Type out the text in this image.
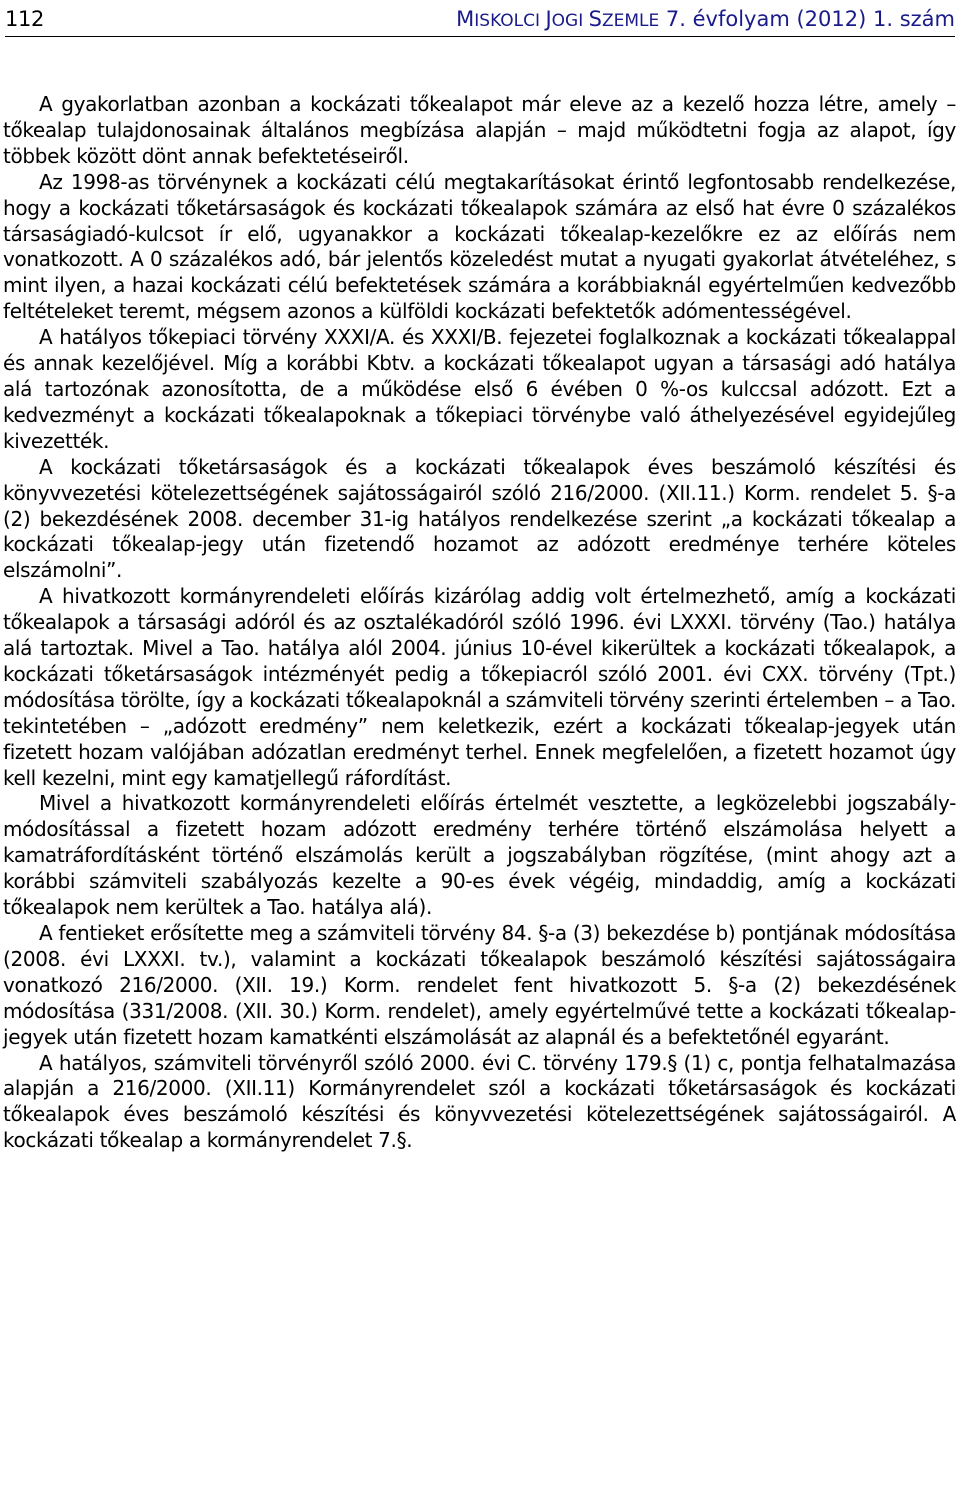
112	MISKOLCI JOGI SZEMLE 7. évfolyam (2012) 1. szám

A gyakorlatban azonban a kockázati tőkealapot már eleve az a kezelő hozza létre, amely – tőkealap tulajdonosainak általános megbízása alapján – majd működtetni fogja az alapot, így többek között dönt annak befektetéseiről.

Az 1998-as törvénynek a kockázati célú megtakarításokat érintő legfontosabb rendelkezése, hogy a kockázati tőketársaságok és kockázati tőkealapok számára az első hat évre 0 százalékos társaságiadó-kulcsot ír elő, ugyanakkor a kockázati tőkealap-kezelőkre ez az előírás nem vonatkozott. A 0 százalékos adó, bár jelentős közeledést mutat a nyugati gyakorlat átvételéhez, s mint ilyen, a hazai kockázati célú befektetések számára a korábbiaknál egyértelműen kedvezőbb feltételeket teremt, mégsem azonos a külföldi kockázati befektetők adómentességével.

A hatályos tőkepiaci törvény XXXI/A. és XXXI/B. fejezetei foglalkoznak a kockázati tőkealappal és annak kezelőjével. Míg a korábbi Kbtv. a kockázati tőkealapot ugyan a társasági adó hatálya alá tartozónak azonosította, de a működése első 6 évében 0 %-os kulccsal adózott. Ezt a kedvezményt a kockázati tőkealapoknak a tőkepiaci törvénybe való áthelyezésével egyidejűleg kivezették.

A kockázati tőketársaságok és a kockázati tőkealapok éves beszámoló készítési és könyvvezetési kötelezettségének sajátosságairól szóló 216/2000. (XII.11.) Korm. rendelet 5. §-a (2) bekezdésének 2008. december 31-ig hatályos rendelkezése szerint „a kockázati tőkealap a kockázati tőkealap-jegy után fizetendő hozamot az adózott eredménye terhére köteles elszámolni”.

A hivatkozott kormányrendeleti előírás kizárólag addig volt értelmezhető, amíg a kockázati tőkealapok a társasági adóról és az osztalékadóról szóló 1996. évi LXXXI. törvény (Tao.) hatálya alá tartoztak. Mivel a Tao. hatálya alól 2004. június 10-ével kikerültek a kockázati tőkealapok, a kockázati tőketársaságok intézményét pedig a tőkepiacról szóló 2001. évi CXX. törvény (Tpt.) módosítása törölte, így a kockázati tőkealapoknál a számviteli törvény szerinti értelemben – a Tao. tekintetében – „adózott eredmény” nem keletkezik, ezért a kockázati tőkealap-jegyek után fizetett hozam valójában adózatlan eredményt terhel. Ennek megfelelően, a fizetett hozamot úgy kell kezelni, mint egy kamatjellegű ráfordítást.

Mivel a hivatkozott kormányrendeleti előírás értelmét vesztette, a legközelebbi jogszabály-módosítással a fizetett hozam adózott eredmény terhére történő elszámolása helyett a kamatráfordításként történő elszámolás került a jogszabályban rögzítése, (mint ahogy azt a korábbi számviteli szabályozás kezelte a 90-es évek végéig, mindaddig, amíg a kockázati tőkealapok nem kerültek a Tao. hatálya alá).

A fentieket erősítette meg a számviteli törvény 84. §-a (3) bekezdése b) pontjának módosítása (2008. évi LXXXI. tv.), valamint a kockázati tőkealapok beszámoló készítési sajátosságaira vonatkozó 216/2000. (XII. 19.) Korm. rendelet fent hivatkozott 5. §-a (2) bekezdésének módosítása (331/2008. (XII. 30.) Korm. rendelet), amely egyértelművé tette a kockázati tőkealap-jegyek után fizetett hozam kamatkénti elszámolását az alapnál és a befektetőnél egyaránt.

A hatályos, számviteli törvényről szóló 2000. évi C. törvény 179.§ (1) c, pontja felhatalmazása alapján a 216/2000. (XII.11) Kormányrendelet szól a kockázati tőketársaságok és kockázati tőkealapok éves beszámoló készítési és könyvvezetési kötelezettségének sajátosságairól. A kockázati tőkealap a kormányrendelet 7.§.
